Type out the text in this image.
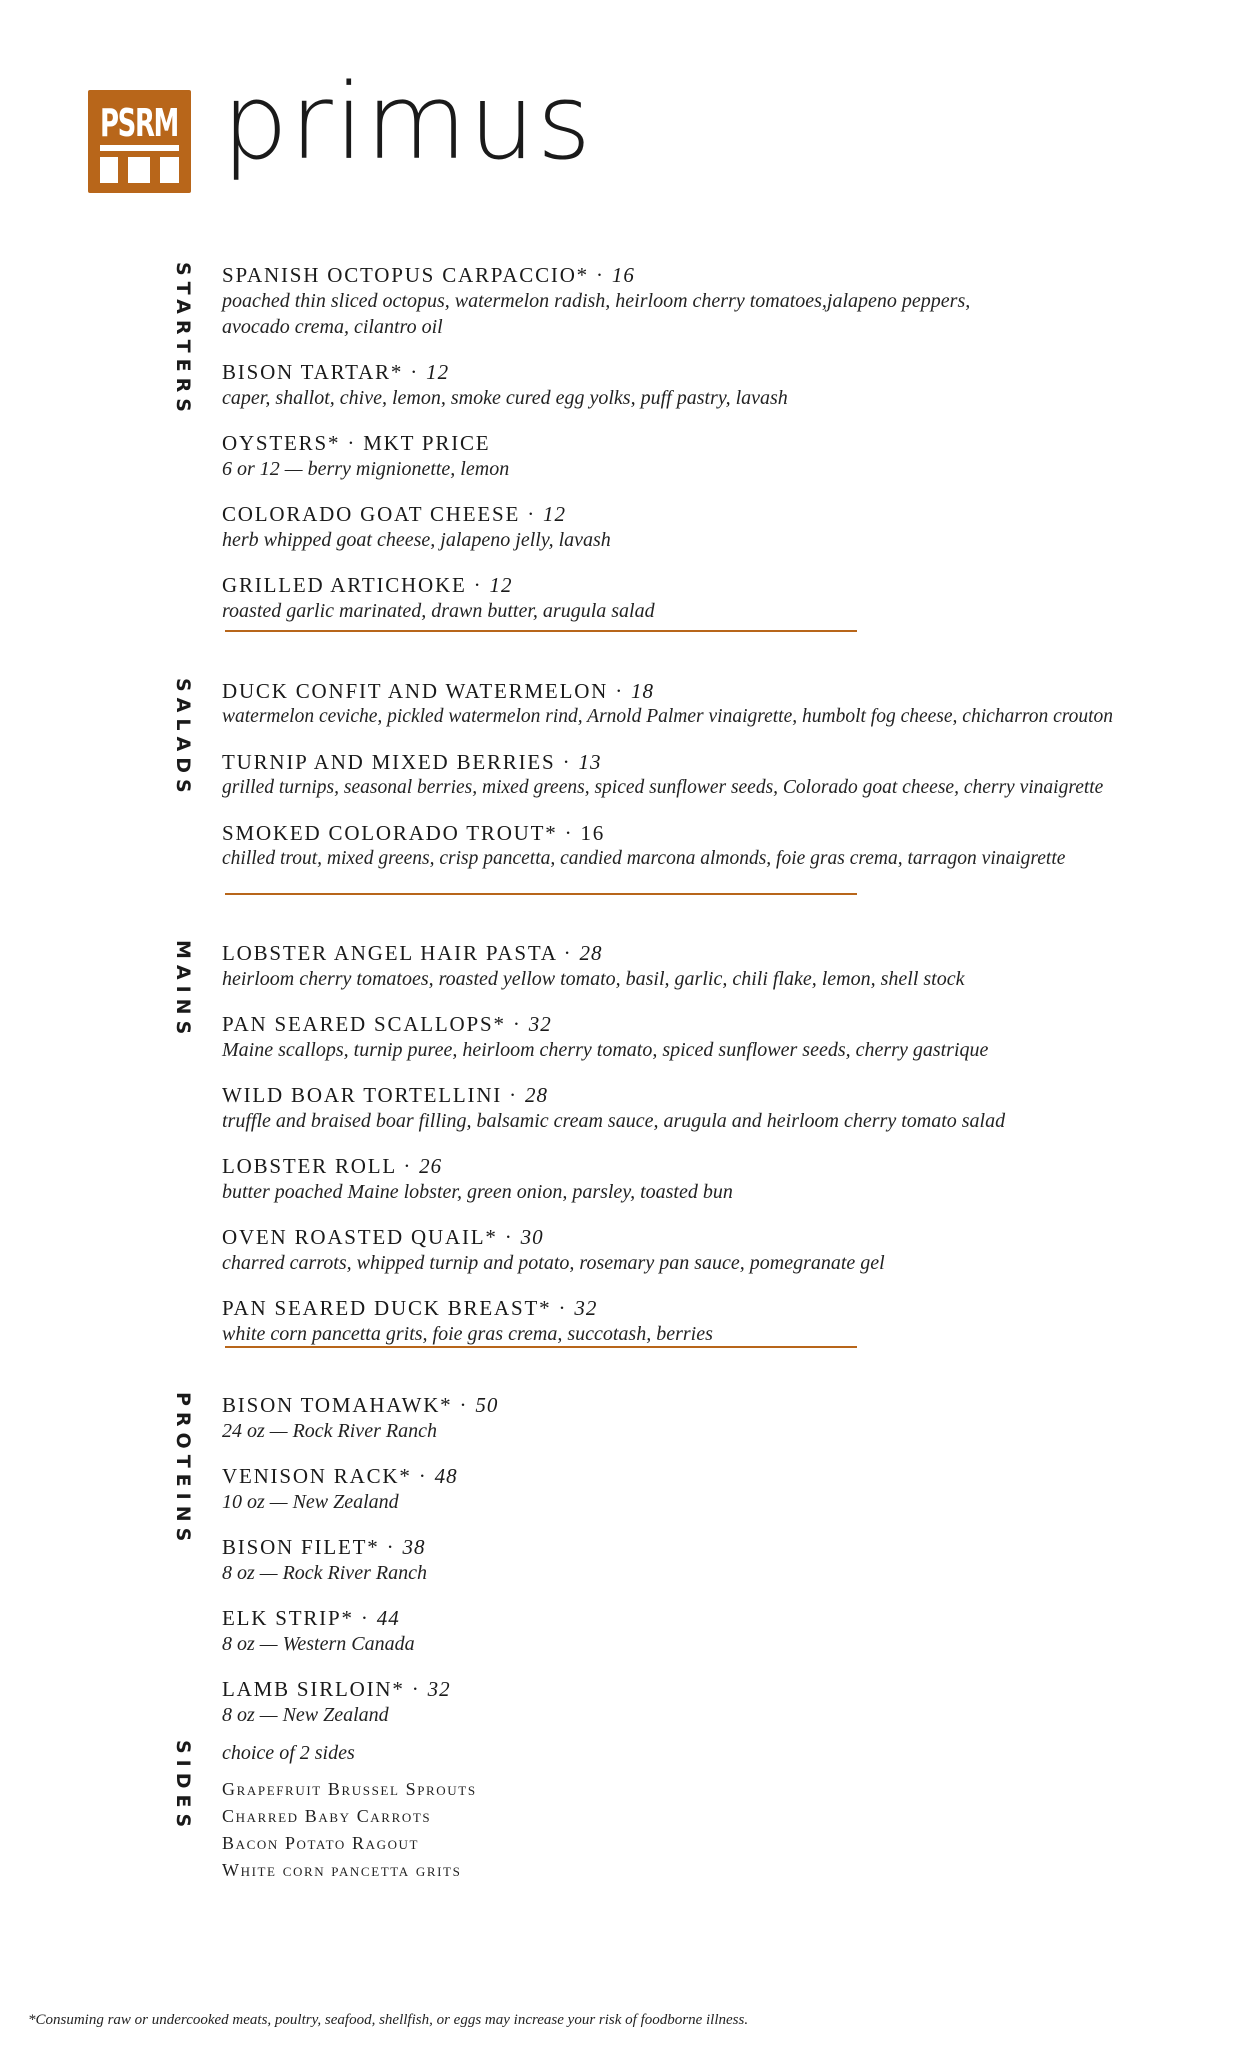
PSRM primus
STARTERS SPANISH OCTOPUS CARPACCIO* · 16
poached thin sliced octopus, watermelon radish, heirloom cherry tomatoes,jalapeno peppers, avocado crema, cilantro oil
BISON TARTAR* · 12
caper, shallot, chive, lemon, smoke cured egg yolks, puff pastry, lavash
OYSTERS* · MKT PRICE
6 or 12 — berry mignionette, lemon
COLORADO GOAT CHEESE · 12
herb whipped goat cheese, jalapeno jelly, lavash
GRILLED ARTICHOKE · 12
roasted garlic marinated, drawn butter, arugula salad
SALADS DUCK CONFIT AND WATERMELON · 18
watermelon ceviche, pickled watermelon rind, Arnold Palmer vinaigrette, humbolt fog cheese, chicharron crouton
TURNIP AND MIXED BERRIES · 13
grilled turnips, seasonal berries, mixed greens, spiced sunflower seeds, Colorado goat cheese, cherry vinaigrette
SMOKED COLORADO TROUT* · 16
chilled trout, mixed greens, crisp pancetta, candied marcona almonds, foie gras crema, tarragon vinaigrette
MAINS LOBSTER ANGEL HAIR PASTA · 28
heirloom cherry tomatoes, roasted yellow tomato, basil, garlic, chili flake, lemon, shell stock
PAN SEARED SCALLOPS* · 32
Maine scallops, turnip puree, heirloom cherry tomato, spiced sunflower seeds, cherry gastrique
WILD BOAR TORTELLINI · 28
truffle and braised boar filling, balsamic cream sauce, arugula and heirloom cherry tomato salad
LOBSTER ROLL · 26
butter poached Maine lobster, green onion, parsley, toasted bun
OVEN ROASTED QUAIL* · 30
charred carrots, whipped turnip and potato, rosemary pan sauce, pomegranate gel
PAN SEARED DUCK BREAST* · 32
white corn pancetta grits, foie gras crema, succotash, berries
PROTEINS BISON TOMAHAWK* · 50
24 oz — Rock River Ranch
VENISON RACK* · 48
10 oz — New Zealand
BISON FILET* · 38
8 oz — Rock River Ranch
ELK STRIP* · 44
8 oz — Western Canada
LAMB SIRLOIN* · 32
8 oz — New Zealand
SIDES choice of 2 sides
Grapefruit Brussel Sprouts
Charred Baby Carrots
Bacon Potato Ragout
White corn pancetta grits
*Consuming raw or undercooked meats, poultry, seafood, shellfish, or eggs may increase your risk of foodborne illness.
